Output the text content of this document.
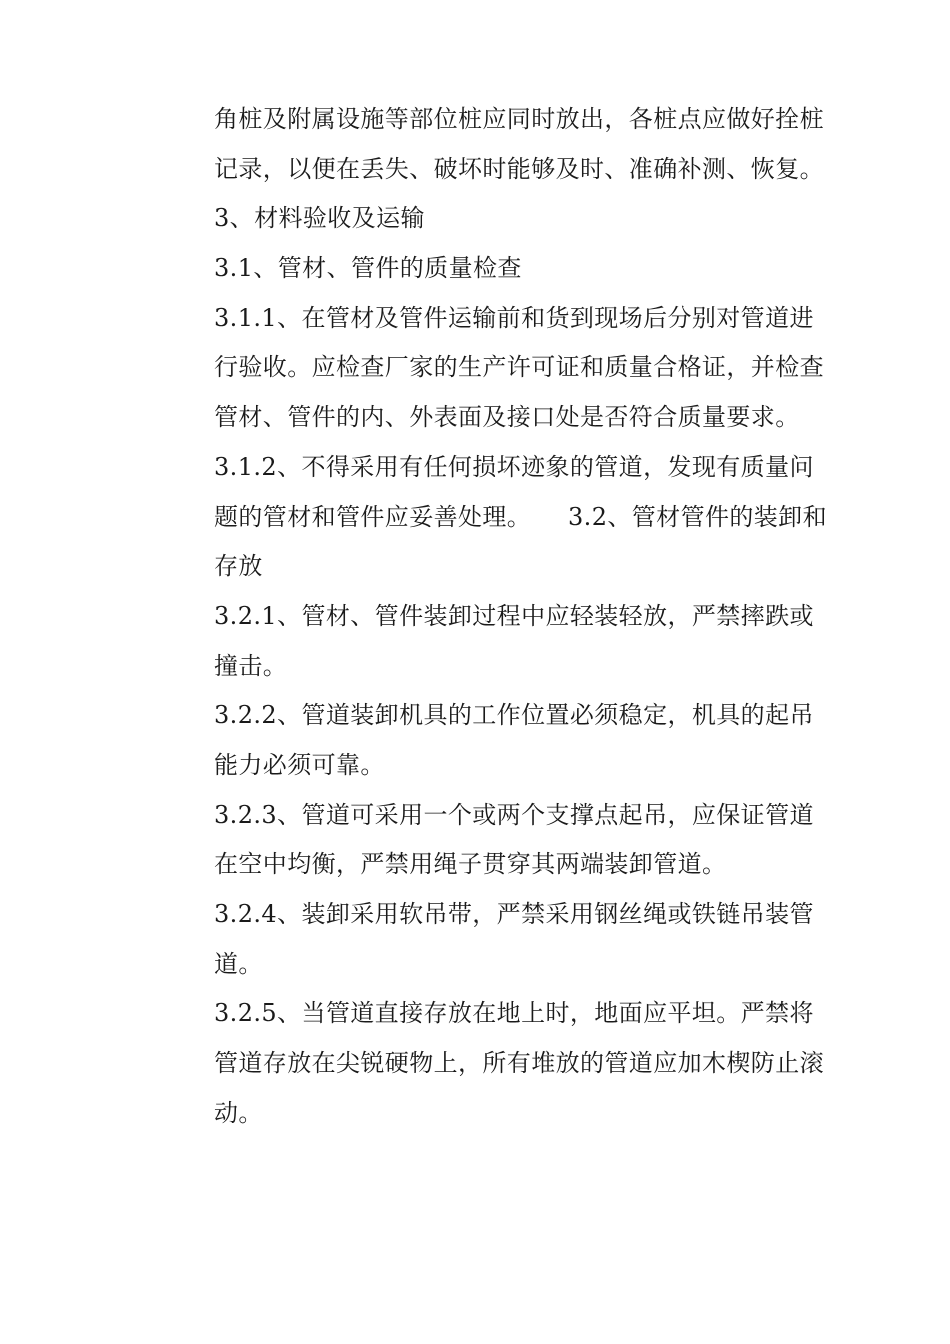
角桩及附属设施等部位桩应同时放出，各桩点应做好拴桩
记录，以便在丢失、破坏时能够及时、准确补测、恢复。
3、材料验收及运输
3.1、管材、管件的质量检查
3.1.1、在管材及管件运输前和货到现场后分别对管道进
行验收。应检查厂家的生产许可证和质量合格证，并检查
管材、管件的内、外表面及接口处是否符合质量要求。
3.1.2、不得采用有任何损坏迹象的管道，发现有质量问
题的管材和管件应妥善处理。　　3.2、管材管件的装卸和
存放
3.2.1、管材、管件装卸过程中应轻装轻放，严禁摔跌或
撞击。
3.2.2、管道装卸机具的工作位置必须稳定，机具的起吊
能力必须可靠。
3.2.3、管道可采用一个或两个支撑点起吊，应保证管道
在空中均衡，严禁用绳子贯穿其两端装卸管道。
3.2.4、装卸采用软吊带，严禁采用钢丝绳或铁链吊装管
道。
3.2.5、当管道直接存放在地上时，地面应平坦。严禁将
管道存放在尖锐硬物上，所有堆放的管道应加木楔防止滚
动。
